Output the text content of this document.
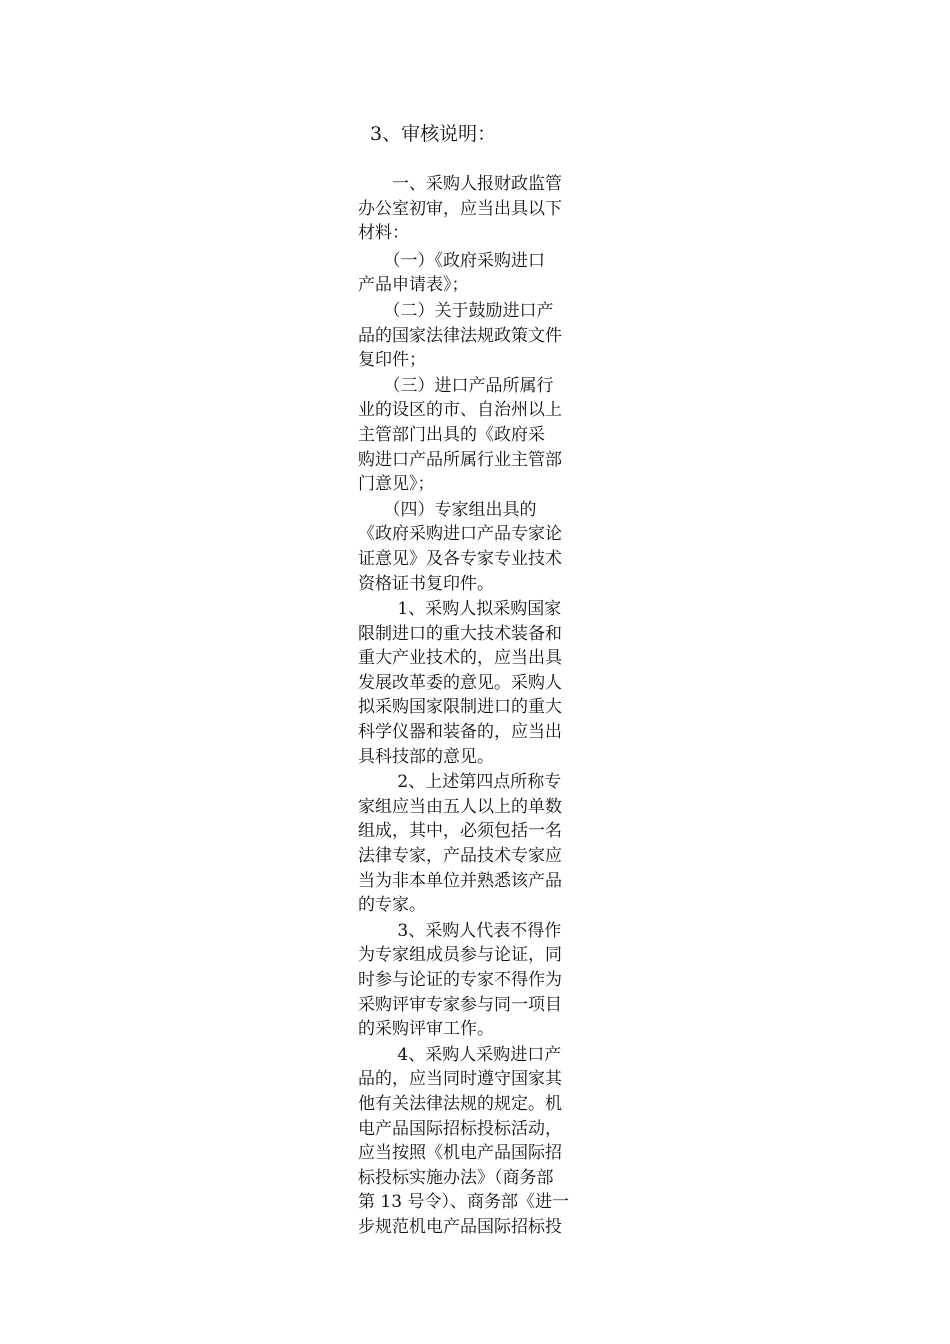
3、审核说明：
　　一、采购人报财政监管
办公室初审，应当出具以下
材料：
　　（一）《政府采购进口
产品申请表》；
　　（二）关于鼓励进口产
品的国家法律法规政策文件
复印件；
　　（三）进口产品所属行
业的设区的市、自治州以上
主管部门出具的《政府采
购进口产品所属行业主管部
门意见》；
　　（四）专家组出具的
《政府采购进口产品专家论
证意见》及各专家专业技术
资格证书复印件。
　　 1、采购人拟采购国家
限制进口的重大技术装备和
重大产业技术的，应当出具
发展改革委的意见。采购人
拟采购国家限制进口的重大
科学仪器和装备的，应当出
具科技部的意见。
　　 2、上述第四点所称专
家组应当由五人以上的单数
组成，其中，必须包括一名
法律专家，产品技术专家应
当为非本单位并熟悉该产品
的专家。
　　 3、采购人代表不得作
为专家组成员参与论证，同
时参与论证的专家不得作为
采购评审专家参与同一项目
的采购评审工作。
　　 4、采购人采购进口产
品的，应当同时遵守国家其
他有关法律法规的规定。机
电产品国际招标投标活动，
应当按照《机电产品国际招
标投标实施办法》（商务部
第 13 号令）、商务部《进一
步规范机电产品国际招标投
